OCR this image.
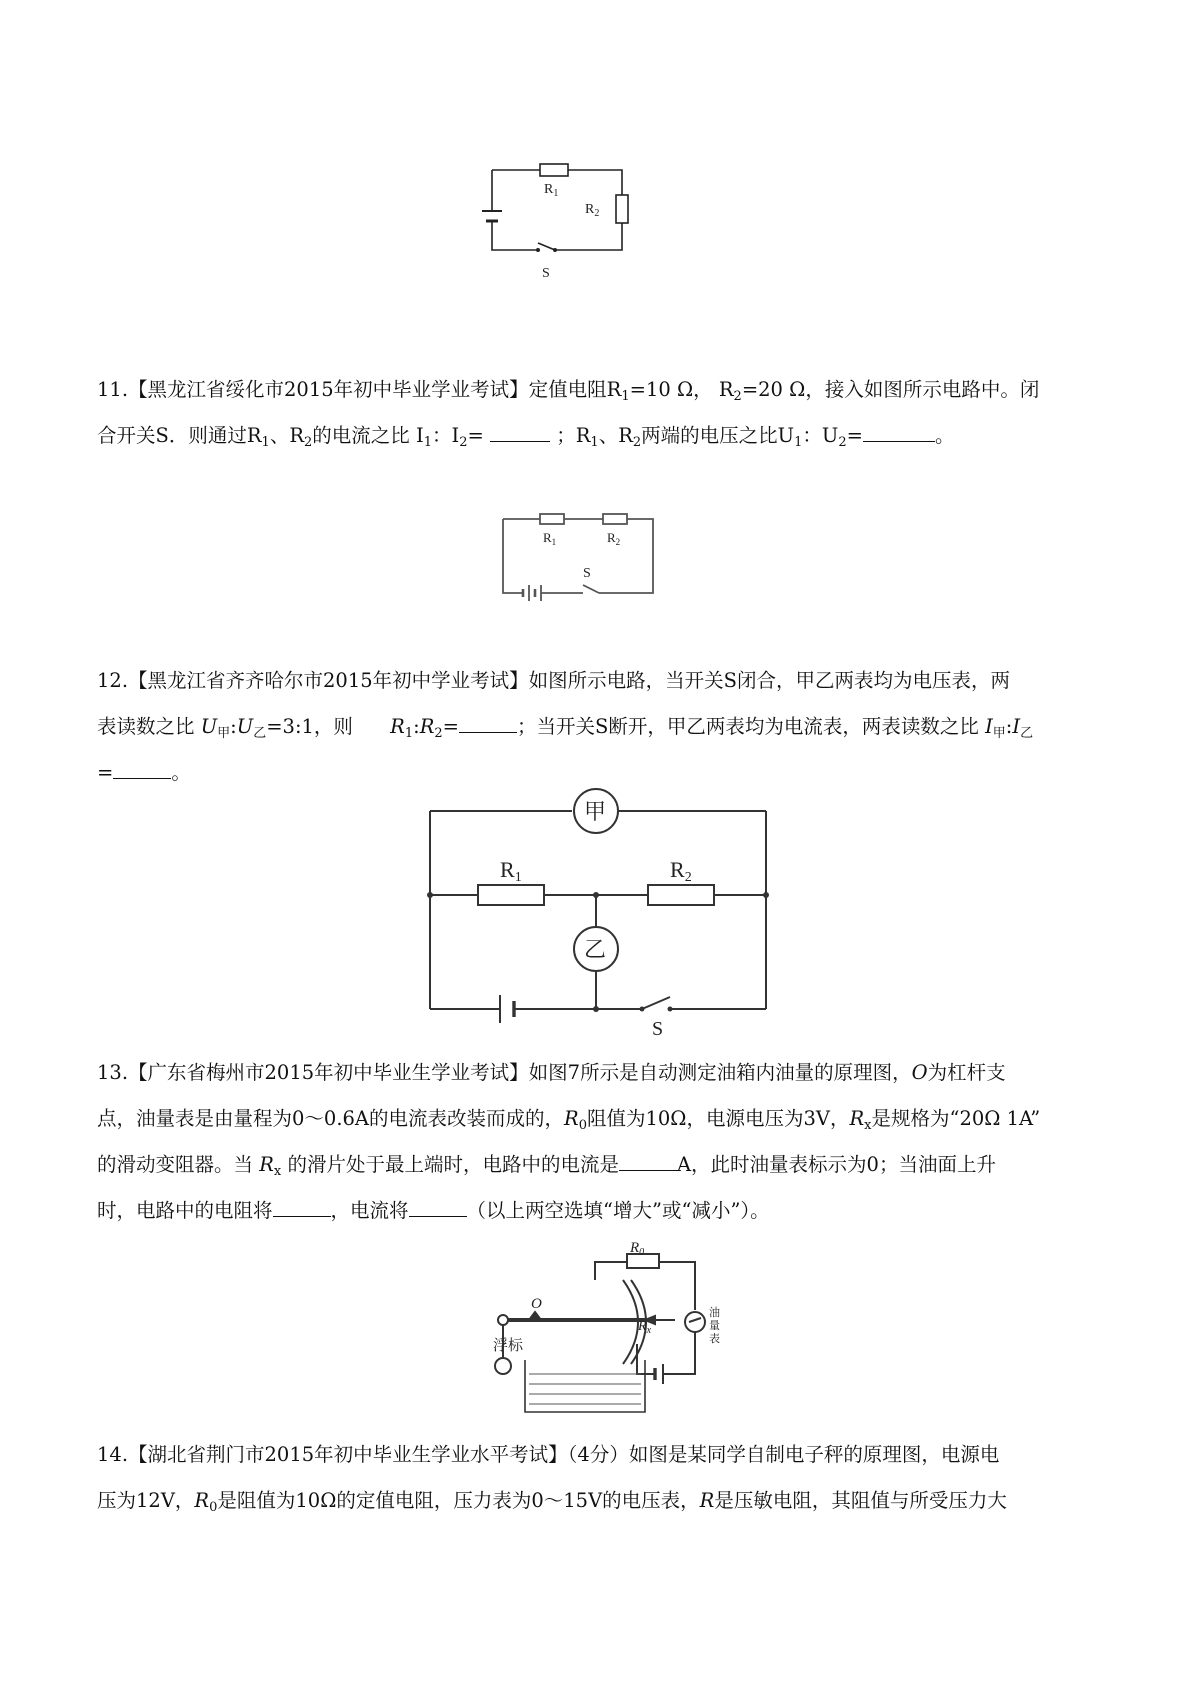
$R_1$
$R_2$
S

11.【黑龙江省绥化市2015年初中毕业学业考试】定值电阻$R_1=10$ Ω， $R_2=20$ Ω，接入如图所示电路中。闭

合开关S．则通过$R_1$、$R_2$的电流之比 $I_1$：$I_2=$	；$R_1$、$R_2$两端的电压之比$U_1$：$U_2=$	。

$R_1$	$R_2$
S

12.【黑龙江省齐齐哈尔市2015年初中学业考试】如图所示电路，当开关S闭合，甲乙两表均为电压表，两

表读数之比 $U_甲:U_乙=3:1$，则 $R_1:R_2=$	；当开关S断开，甲乙两表均为电流表，两表读数之比 $I_甲:I_乙$

=	。

甲
乙
R1	R2
S

13.【广东省梅州市2015年初中毕业生学业考试】如图7所示是自动测定油箱内油量的原理图，O为杠杆支

点，油量表是由量程为0～0.6A的电流表改装而成的，$R_0$阻值为10Ω，电源电压为3V，$R_x$是规格为“20Ω 1A”

的滑动变阻器。当 $R_x$ 的滑片处于最上端时，电路中的电流是	A，此时油量表标示为0；当油面上升

时，电路中的电阻将	，电流将	（以上两空选填“增大”或“减小”）。

$R_0$
$R_x$
O
浮标
油量表

14.【湖北省荆门市2015年初中毕业生学业水平考试】（4分）如图是某同学自制电子秤的原理图，电源电

压为12V，$R_0$是阻值为10Ω的定值电阻，压力表为0～15V的电压表，R是压敏电阻，其阻值与所受压力大
